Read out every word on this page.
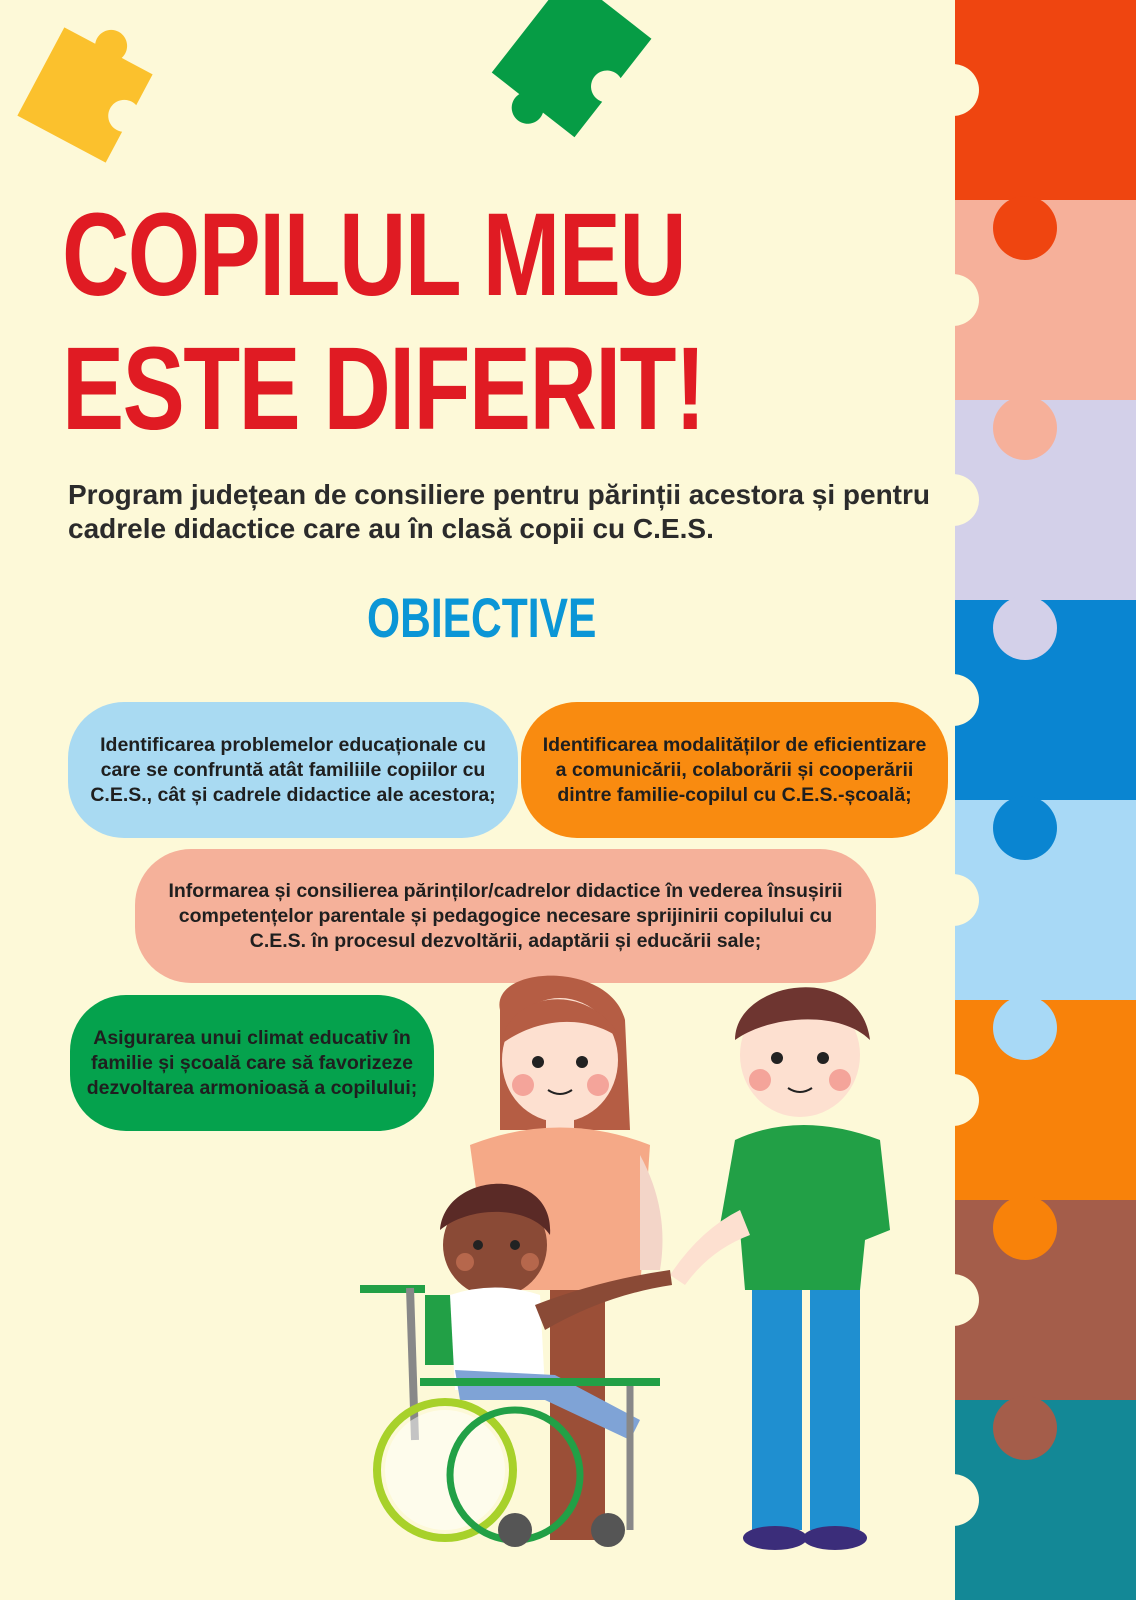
COPILUL MEU
ESTE DIFERIT!

Program județean de consiliere pentru părinții acestora și pentru cadrele didactice care au în clasă copii cu C.E.S.

OBIECTIVE
Identificarea problemelor educaționale cu care se confruntă atât familiile copiilor cu C.E.S., cât și cadrele didactice ale acestora;
Identificarea modalităților de eficientizare a comunicării, colaborării și cooperării dintre familie-copilul cu C.E.S.-școală;
Informarea și consilierea părinților/cadrelor didactice în vederea însușirii competențelor parentale și pedagogice necesare sprijinirii copilului cu C.E.S. în procesul dezvoltării, adaptării și educării sale;
Asigurarea unui climat educativ în familie și școală care să favorizeze dezvoltarea armonioasă a copilului;
